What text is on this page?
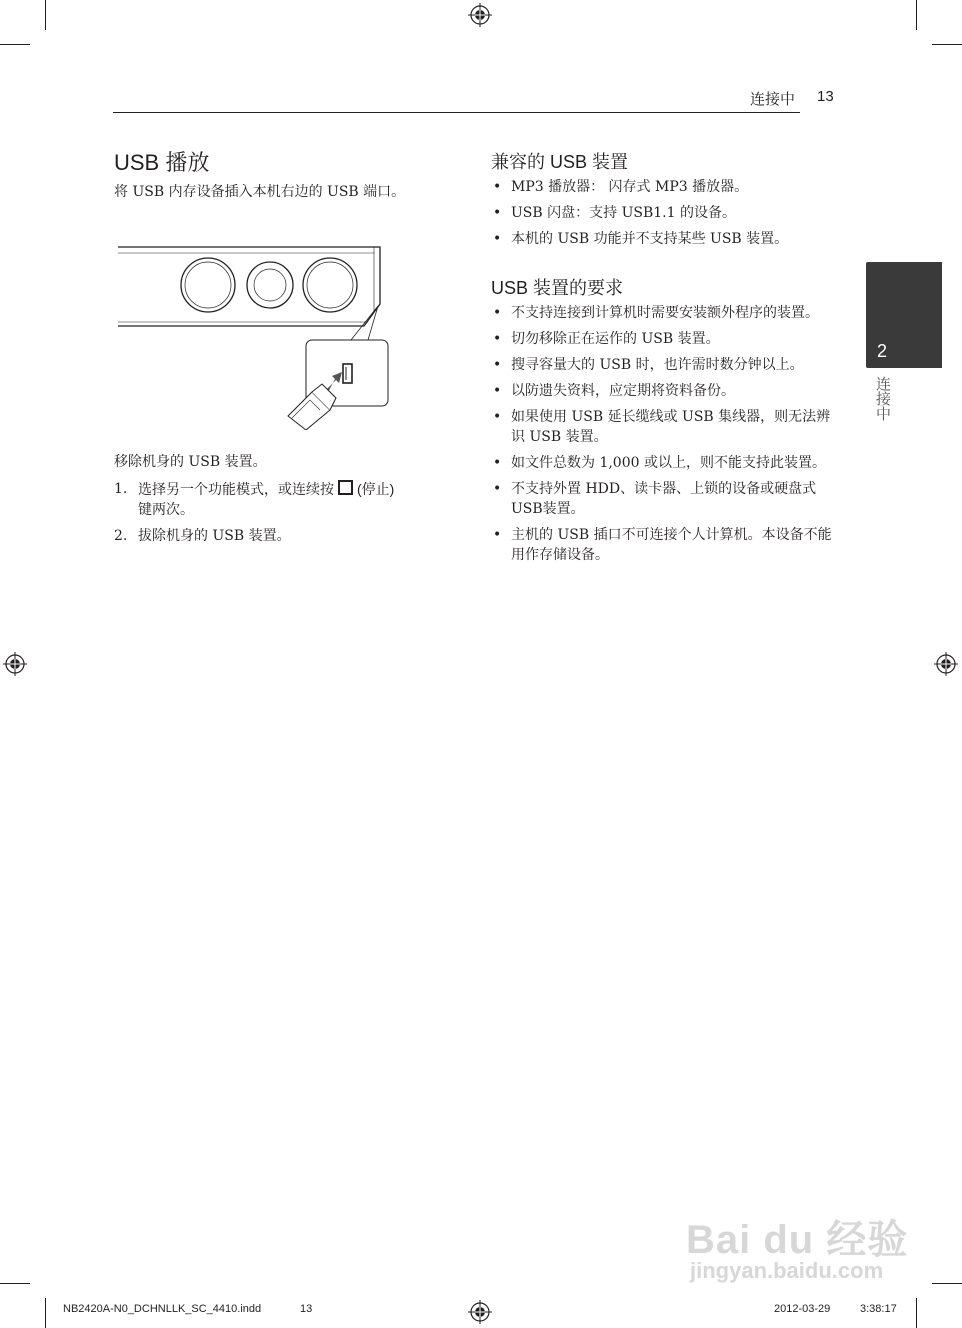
连接中 13
USB 播放
将 USB 内存设备插入本机右边的 USB 端口。
移除机身的 USB 装置。
1. 选择另一个功能模式，或连续按 (停止)
键两次。
2. 拔除机身的 USB 装置。
兼容的 USB 装置
• MP3 播放器： 闪存式 MP3 播放器。
• USB 闪盘：支持 USB1.1 的设备。
• 本机的 USB 功能并不支持某些 USB 装置。
USB 装置的要求
• 不支持连接到计算机时需要安装额外程序的装置。
• 切勿移除正在运作的 USB 装置。
• 搜寻容量大的 USB 时，也许需时数分钟以上。
• 以防遗失资料，应定期将资料备份。
• 如果使用 USB 延长缆线或 USB 集线器，则无法辨识 USB 装置。
• 如文件总数为 1,000 或以上，则不能支持此装置。
• 不支持外置 HDD、读卡器、上锁的设备或硬盘式USB装置。
• 主机的 USB 插口不可连接个人计算机。本设备不能用作存储设备。
2
连接中
Bai du 经验
jingyan.baidu.com
NB2420A-N0_DCHNLLK_SC_4410.indd	13	2012-03-29	3:38:17
